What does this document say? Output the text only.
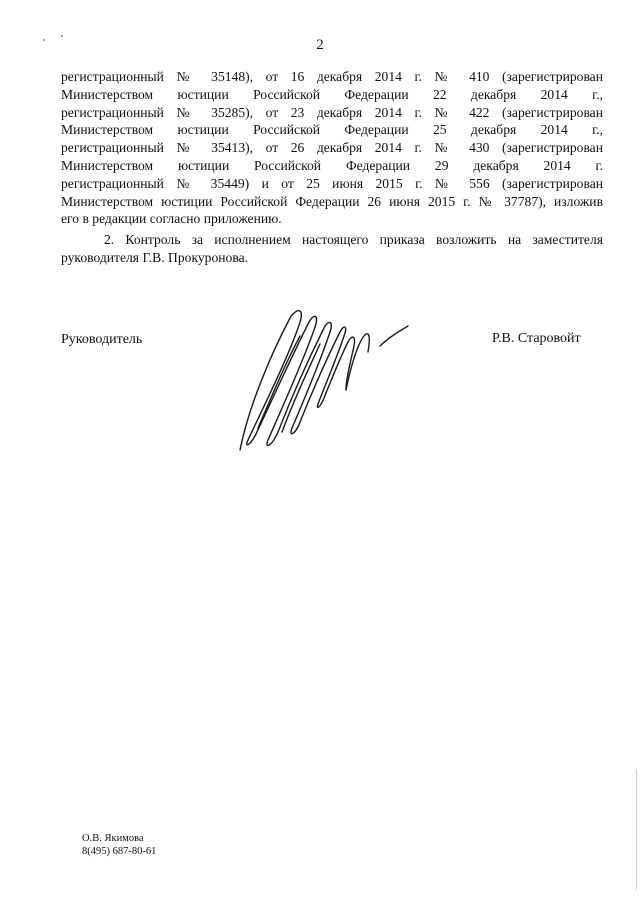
2
регистрационный № 35148), от 16 декабря 2014 г. № 410 (зарегистрирован
Министерством юстиции Российской Федерации 22 декабря 2014 г.,
регистрационный № 35285), от 23 декабря 2014 г. № 422 (зарегистрирован
Министерством юстиции Российской Федерации 25 декабря 2014 г.,
регистрационный № 35413), от 26 декабря 2014 г. № 430 (зарегистрирован
Министерством юстиции Российской Федерации 29 декабря 2014 г.
регистрационный № 35449) и от 25 июня 2015 г. № 556 (зарегистрирован
Министерством юстиции Российской Федерации 26 июня 2015 г. № 37787), изложив
его в редакции согласно приложению.
2. Контроль за исполнением настоящего приказа возложить на заместителя
руководителя Г.В. Прокуронова.
Руководитель	Р.В. Старовойт
О.В. Якимова
8(495) 687-80-61
